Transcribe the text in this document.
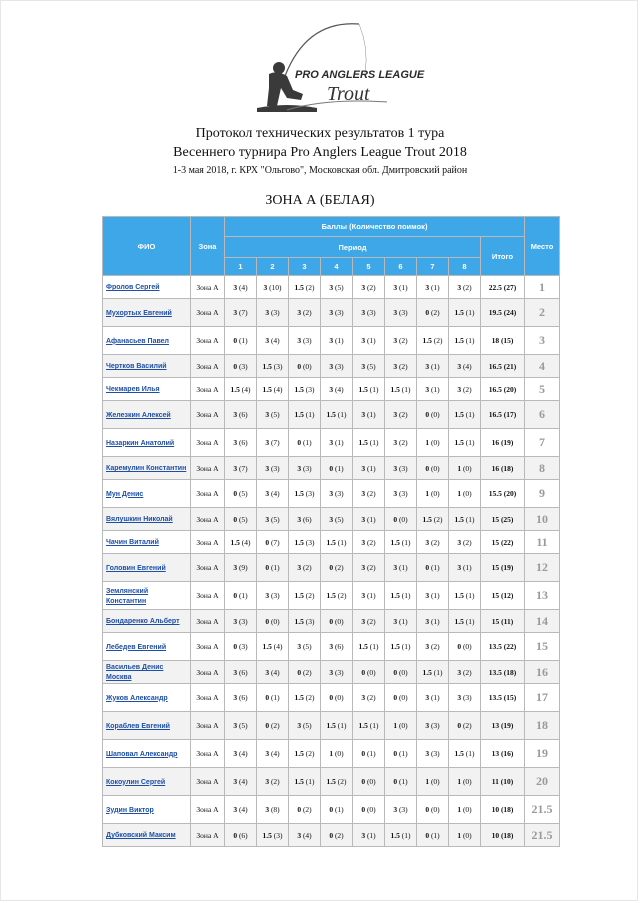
PRO ANGLERS LEAGUE
Trout
Протокол технических результатов 1 тура
Весеннего турнира Pro Anglers League Trout 2018
1-3 мая 2018, г. КРХ "Ольгово", Московская обл. Дмитровский район
ЗОНА А (БЕЛАЯ)
ФИО	Зона	Баллы (Количество поимок)									Место
		Период								Итого	
		1	2	3	4	5	6	7	8		
Фролов Сергей	Зона А	3 (4)	3 (10)	1.5 (2)	3 (5)	3 (2)	3 (1)	3 (1)	3 (2)	22.5 (27)	1
Мухортых Евгений	Зона А	3 (7)	3 (3)	3 (2)	3 (3)	3 (3)	3 (3)	0 (2)	1.5 (1)	19.5 (24)	2
Афанасьев Павел	Зона А	0 (1)	3 (4)	3 (3)	3 (1)	3 (1)	3 (2)	1.5 (2)	1.5 (1)	18 (15)	3
Чертков Василий	Зона А	0 (3)	1.5 (3)	0 (0)	3 (3)	3 (5)	3 (2)	3 (1)	3 (4)	16.5 (21)	4
Чекмарев Илья	Зона А	1.5 (4)	1.5 (4)	1.5 (3)	3 (4)	1.5 (1)	1.5 (1)	3 (1)	3 (2)	16.5 (20)	5
Железкин Алексей	Зона А	3 (6)	3 (5)	1.5 (1)	1.5 (1)	3 (1)	3 (2)	0 (0)	1.5 (1)	16.5 (17)	6
Назаркин Анатолий	Зона А	3 (6)	3 (7)	0 (1)	3 (1)	1.5 (1)	3 (2)	1 (0)	1.5 (1)	16 (19)	7
Каремулин Константин	Зона А	3 (7)	3 (3)	3 (3)	0 (1)	3 (1)	3 (3)	0 (0)	1 (0)	16 (18)	8
Мун Денис	Зона А	0 (5)	3 (4)	1.5 (3)	3 (3)	3 (2)	3 (3)	1 (0)	1 (0)	15.5 (20)	9
Вялушкин Николай	Зона А	0 (5)	3 (5)	3 (6)	3 (5)	3 (1)	0 (0)	1.5 (2)	1.5 (1)	15 (25)	10
Чачин Виталий	Зона А	1.5 (4)	0 (7)	1.5 (3)	1.5 (1)	3 (2)	1.5 (1)	3 (2)	3 (2)	15 (22)	11
Головин Евгений	Зона А	3 (9)	0 (1)	3 (2)	0 (2)	3 (2)	3 (1)	0 (1)	3 (1)	15 (19)	12
Землянский Константин	Зона А	0 (1)	3 (3)	1.5 (2)	1.5 (2)	3 (1)	1.5 (1)	3 (1)	1.5 (1)	15 (12)	13
Бондаренко Альберт	Зона А	3 (3)	0 (0)	1.5 (3)	0 (0)	3 (2)	3 (1)	3 (1)	1.5 (1)	15 (11)	14
Лебедев Евгений	Зона А	0 (3)	1.5 (4)	3 (5)	3 (6)	1.5 (1)	1.5 (1)	3 (2)	0 (0)	13.5 (22)	15
Васильев Денис Москва	Зона А	3 (6)	3 (4)	0 (2)	3 (3)	0 (0)	0 (0)	1.5 (1)	3 (2)	13.5 (18)	16
Жуков Александр	Зона А	3 (6)	0 (1)	1.5 (2)	0 (0)	3 (2)	0 (0)	3 (1)	3 (3)	13.5 (15)	17
Кораблев Евгений	Зона А	3 (5)	0 (2)	3 (5)	1.5 (1)	1.5 (1)	1 (0)	3 (3)	0 (2)	13 (19)	18
Шаповал Александр	Зона А	3 (4)	3 (4)	1.5 (2)	1 (0)	0 (1)	0 (1)	3 (3)	1.5 (1)	13 (16)	19
Кокоулин Сергей	Зона А	3 (4)	3 (2)	1.5 (1)	1.5 (2)	0 (0)	0 (1)	1 (0)	1 (0)	11 (10)	20
Зудин Виктор	Зона А	3 (4)	3 (8)	0 (2)	0 (1)	0 (0)	3 (3)	0 (0)	1 (0)	10 (18)	21.5
Дубковский Максим	Зона А	0 (6)	1.5 (3)	3 (4)	0 (2)	3 (1)	1.5 (1)	0 (1)	1 (0)	10 (18)	21.5
